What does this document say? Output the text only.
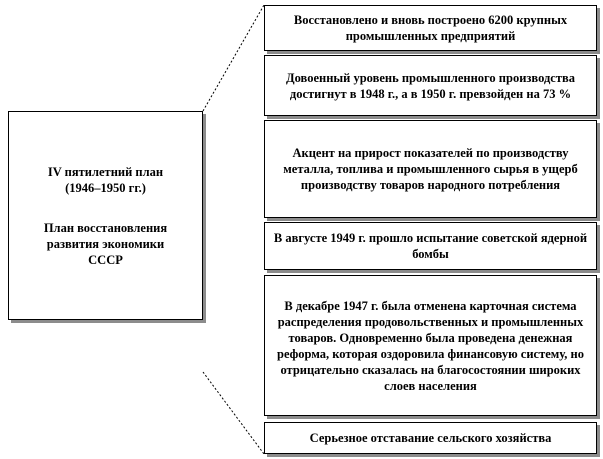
IV пятилетний план
(1946–1950 гг.)
План восстановления
развития экономики
СССР
Восстановлено и вновь построено 6200 крупных промышленных предприятий
Довоенный уровень промышленного производства достигнут в 1948 г., а в 1950 г. превзойден на 73 %
Акцент на прирост показателей по производству металла, топлива и промышленного сырья в ущерб производству товаров народного потребления
В августе 1949 г. прошло испытание советской ядерной бомбы
В декабре 1947 г. была отменена карточная система распределения продовольственных и промышленных товаров. Одновременно была проведена денежная реформа, которая оздоровила финансовую систему, но отрицательно сказалась на благосостоянии широких слоев населения
Серьезное отставание сельского хозяйства
